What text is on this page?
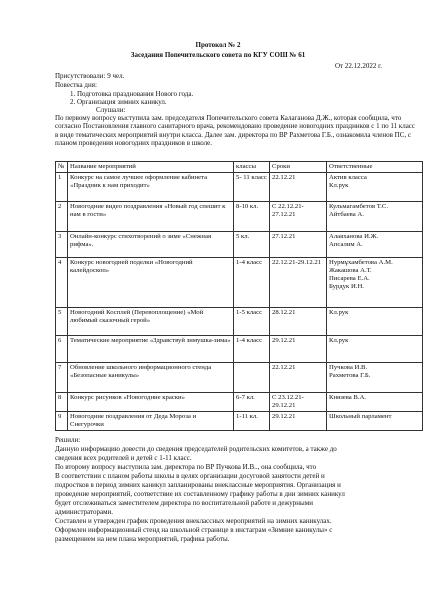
Протокол № 2
Заседания Попечительского совета по КГУ СОШ № 61
От 22.12.2022 г.
Присутствовали: 9 чел.
Повестка дня:
1. Подготовка празднования Нового года.
2. Организация зимних каникул.
Слушали:
По первому вопросу выступила зам. председателя Попечительского совета Калаганова Д.Ж., которая сообщила, что согласно Постановления главного санитарного врача, рекомендовано проведение новогодних праздников с 1 по 11 класс в виде тематических мероприятий внутри класса. Далее зам. директора по ВР Рахметова Г.Б., ознакомила членов ПС, с планом проведения новогодних праздников в школе.
№	Название мероприятий	классы	Сроки	Ответственные
1	Конкурс на самое лучшее оформление кабинета «Праздник к нам приходит»	5- 11 класс	22.12.21	Актив класса
Кл.рук
2	Новогодние видео поздравления «Новый год спешит к нам в гости»	8-10 кл.	С 22.12.21-27.12.21	Кульмагамбетов Т.С.
Айтбаева А.
3	Онлайн-конкурс стихотворений о зиме «Снежная рифма».	5 кл.	27.12.21	Алаяханова И.Ж.
Апсалим А.
4	Конкурс новогодней поделки «Новогодний калейдоскоп»	1-4 класс	22.12.21-29.12.21	Нурмұхамбетова А.М.
Жакашова А.Т.
Писарева Е.А.
Бурдук И.Н.
5	Новогодний Косплей (Перевоплощение) «Мой любимый сказочный герой»	1-5 класс	28.12.21	Кл.рук
6	Тематические мероприятие «Здравствуй зимушка-зима»	1-4 класс	29.12.21	Кл.рук
7	Обновление школьного информационного стенда «Безопасные каникулы»		22.12.21	Пучкова И.В.
Рахметова Г.Б.
8	Конкурс рисунков «Новогодние краски»	6-7 кл.	С 23.12.21-29.12.21	Князева В.А.
9	Новогодние поздравления от Деда Мороза и Снегурочки	1-11 кл.	29.12.21	Школьный парламент
Решили:
Данную информацию довести до сведения председателей родительских комитетов, а также до
сведения всех родителей и детей с 1-11 класс.
По второму вопросу выступила зам. директора по ВР Пучкова И.В.., она сообщила, что
В соответствии с планом работы школы в целях организации досуговой занятости детей и
подростков в период зимних каникул запланированы внеклассные мероприятия. Организация и
проведение мероприятий, соответствие их составленному графику работы в дни зимних каникул
будет отслеживаться заместителем директора по воспитательной работе и дежурными
администраторами.
Составлен и утвержден график проведения внеклассных мероприятий на зимних каникулах.
Оформлен информационный стенд на школьной странице в инстаграм «Зимние каникулы» с
размещением на нем плана мероприятий, графика работы.
